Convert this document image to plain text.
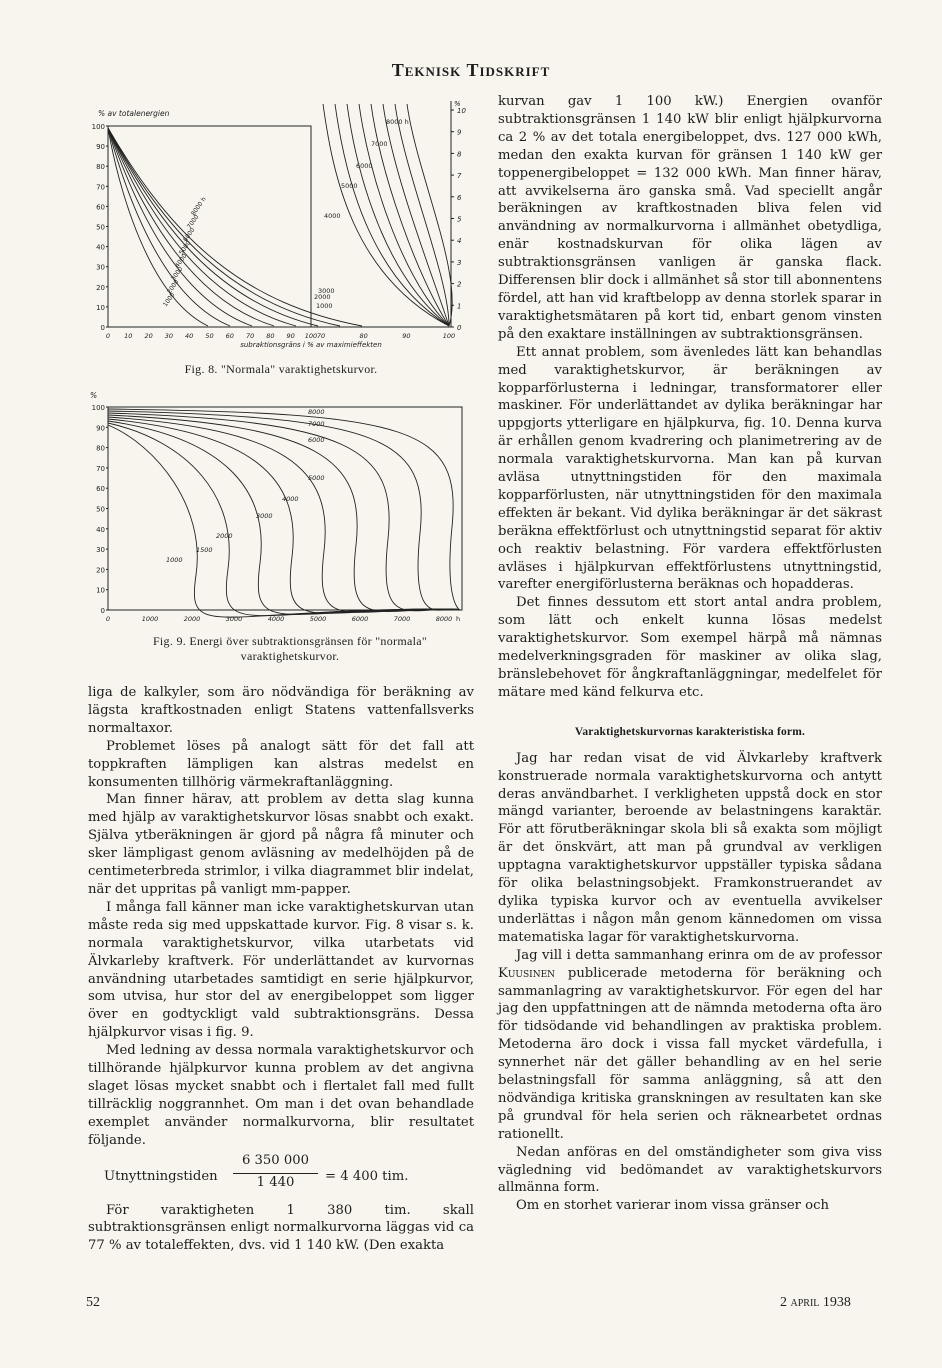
Teknisk Tidskrift
100
90
80
70
60
50
40
30
20
10
0
10
9
8
7
6
5
4
3
2
1
0
%
% av totalenergien
0 10 20 30 40 50 60 70 80 90 100 70	80	90	100
subraktionsgräns i % av maximieffekten
8000 h
7000
6000
5000
4000
3000
2000
1000
8000 h
7000
6000
5000
4000
3000
2000
1000
Fig. 8. "Normala" varaktighetskurvor.
100
90
80
70
60
50
40
30
20
10
0
%
0	1000	2000	3000	4000	5000	6000	7000	8000 h
8000
7000
6000
5000
4000
3000
2000
1500
1000
Fig. 9. Energi över subtraktionsgränsen för "normala"
varaktighetskurvor.

liga de kalkyler, som äro nödvändiga för beräkning av lägsta kraftkostnaden enligt Statens vattenfallsverks normaltaxor.

Problemet löses på analogt sätt för det fall att toppkraften lämpligen kan alstras medelst en konsumenten tillhörig värmekraftanläggning.

Man finner härav, att problem av detta slag kunna med hjälp av varaktighetskurvor lösas snabbt och exakt. Själva ytberäkningen är gjord på några få minuter och sker lämpligast genom avläsning av medelhöjden på de centimeterbreda strimlor, i vilka diagrammet blir indelat, när det uppritas på vanligt mm-papper.

I många fall känner man icke varaktighetskurvan utan måste reda sig med uppskattade kurvor. Fig. 8 visar s. k. normala varaktighetskurvor, vilka utarbetats vid Älvkarleby kraftverk. För underlättandet av kurvornas användning utarbetades samtidigt en serie hjälpkurvor, som utvisa, hur stor del av energibeloppet som ligger över en godtyckligt vald subtraktionsgräns. Dessa hjälpkurvor visas i fig. 9.

Med ledning av dessa normala varaktighetskurvor och tillhörande hjälpkurvor kunna problem av det angivna slaget lösas mycket snabbt och i flertalet fall med fullt tillräcklig noggrannhet. Om man i det ovan behandlade exemplet använder normalkurvorna, blir resultatet följande.

Utnyttningstiden
6 350 000
1 440	= 4 400 tim.

För varaktigheten 1 380 tim. skall subtraktionsgränsen enligt normalkurvorna läggas vid ca 77 % av totaleffekten, dvs. vid 1 140 kW. (Den exakta

kurvan gav 1 100 kW.) Energien ovanför subtraktionsgränsen 1 140 kW blir enligt hjälpkurvorna ca 2 % av det totala energibeloppet, dvs. 127 000 kWh, medan den exakta kurvan för gränsen 1 140 kW ger toppenergibeloppet = 132 000 kWh. Man finner härav, att avvikelserna äro ganska små. Vad speciellt angår beräkningen av kraftkostnaden bliva felen vid användning av normalkurvorna i allmänhet obetydliga, enär kostnadskurvan för olika lägen av subtraktionsgränsen vanligen är ganska flack. Differensen blir dock i allmänhet så stor till abonnentens fördel, att han vid kraftbelopp av denna storlek sparar in varaktighetsmätaren på kort tid, enbart genom vinsten på den exaktare inställningen av subtraktionsgränsen.

Ett annat problem, som ävenledes lätt kan behandlas med varaktighetskurvor, är beräkningen av kopparförlusterna i ledningar, transformatorer eller maskiner. För underlättandet av dylika beräkningar har uppgjorts ytterligare en hjälpkurva, fig. 10. Denna kurva är erhållen genom kvadrering och planimetrering av de normala varaktighetskurvorna. Man kan på kurvan avläsa utnyttningstiden för den maximala kopparförlusten, när utnyttningstiden för den maximala effekten är bekant. Vid dylika beräkningar är det säkrast beräkna effektförlust och utnyttningstid separat för aktiv och reaktiv belastning. För vardera effektförlusten avläses i hjälpkurvan effektförlustens utnyttningstid, varefter energiförlusterna beräknas och hopadderas.

Det finnes dessutom ett stort antal andra problem, som lätt och enkelt kunna lösas medelst varaktighetskurvor. Som exempel härpå må nämnas medelverkningsgraden för maskiner av olika slag, bränslebehovet för ångkraftanläggningar, medelfelet för mätare med känd felkurva etc.

Varaktighetskurvornas karakteristiska form.

Jag har redan visat de vid Älvkarleby kraftverk konstruerade normala varaktighetskurvorna och antytt deras användbarhet. I verkligheten uppstå dock en stor mängd varianter, beroende av belastningens karaktär. För att förutberäkningar skola bli så exakta som möjligt är det önskvärt, att man på grundval av verkligen upptagna varaktighetskurvor uppställer typiska sådana för olika belastningsobjekt. Framkonstruerandet av dylika typiska kurvor och av eventuella avvikelser underlättas i någon mån genom kännedomen om vissa matematiska lagar för varaktighetskurvorna.

Jag vill i detta sammanhang erinra om de av professor Kuusinen publicerade metoderna för beräkning och sammanlagring av varaktighetskurvor. För egen del har jag den uppfattningen att de nämnda metoderna ofta äro för tidsödande vid behandlingen av praktiska problem. Metoderna äro dock i vissa fall mycket värdefulla, i synnerhet när det gäller behandling av en hel serie belastningsfall för samma anläggning, så att den nödvändiga kritiska granskningen av resultaten kan ske på grundval för hela serien och räknearbetet ordnas rationellt.

Nedan anföras en del omständigheter som giva viss vägledning vid bedömandet av varaktighetskurvors allmänna form.

Om en storhet varierar inom vissa gränser och

52	2 april 1938
